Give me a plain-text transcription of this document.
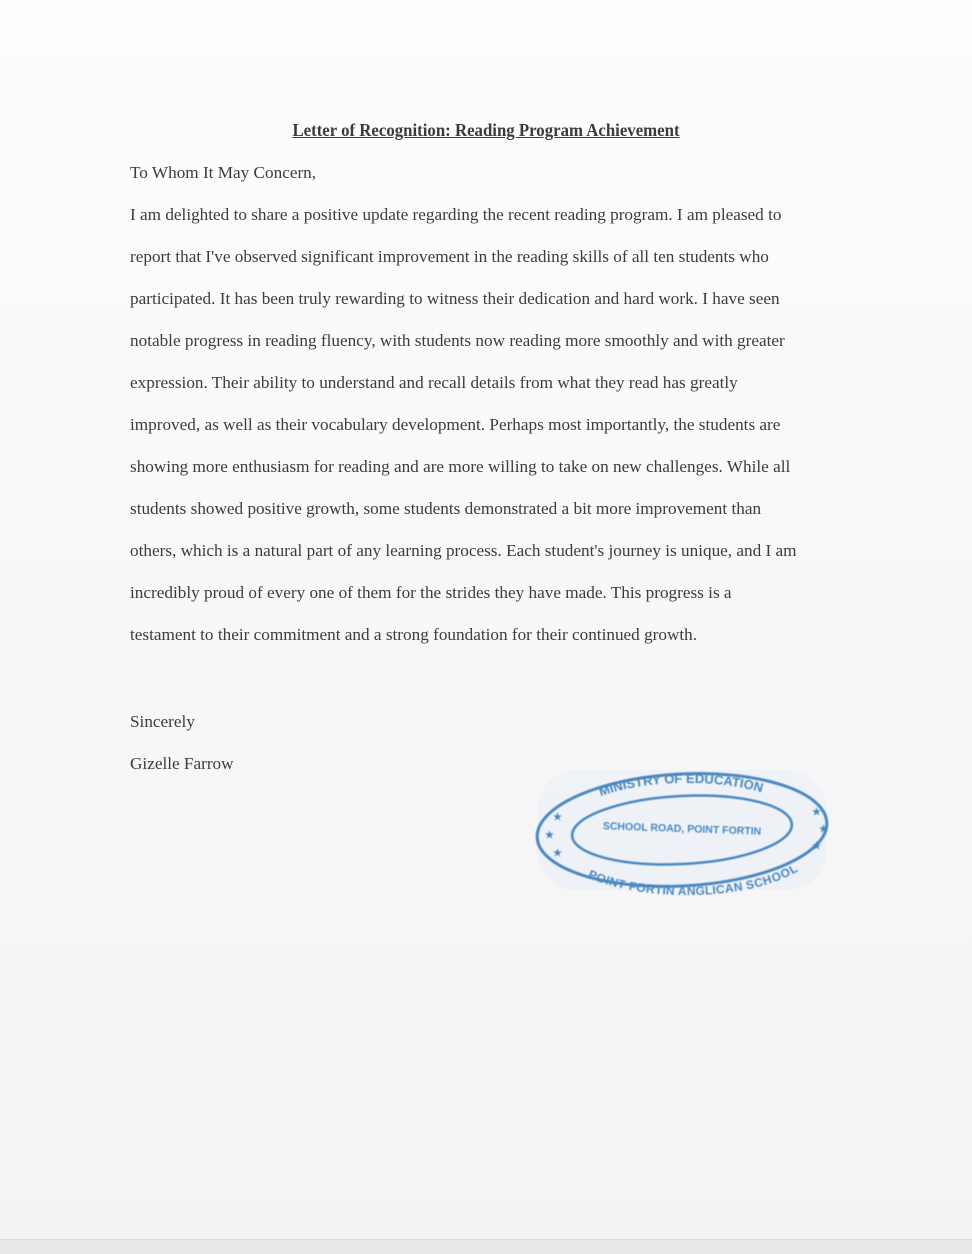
Letter of Recognition: Reading Program Achievement
To Whom It May Concern,
I am delighted to share a positive update regarding the recent reading program. I am pleased to
report that I've observed significant improvement in the reading skills of all ten students who
participated. It has been truly rewarding to witness their dedication and hard work. I have seen
notable progress in reading fluency, with students now reading more smoothly and with greater
expression. Their ability to understand and recall details from what they read has greatly
improved, as well as their vocabulary development. Perhaps most importantly, the students are
showing more enthusiasm for reading and are more willing to take on new challenges. While all
students showed positive growth, some students demonstrated a bit more improvement than
others, which is a natural part of any learning process. Each student's journey is unique, and I am
incredibly proud of every one of them for the strides they have made. This progress is a
testament to their commitment and a strong foundation for their continued growth.
Sincerely
Gizelle Farrow
MINISTRY OF EDUCATION
SCHOOL ROAD, POINT FORTIN
POINT FORTIN ANGLICAN SCHOOL
★
★
★
★
★
★
